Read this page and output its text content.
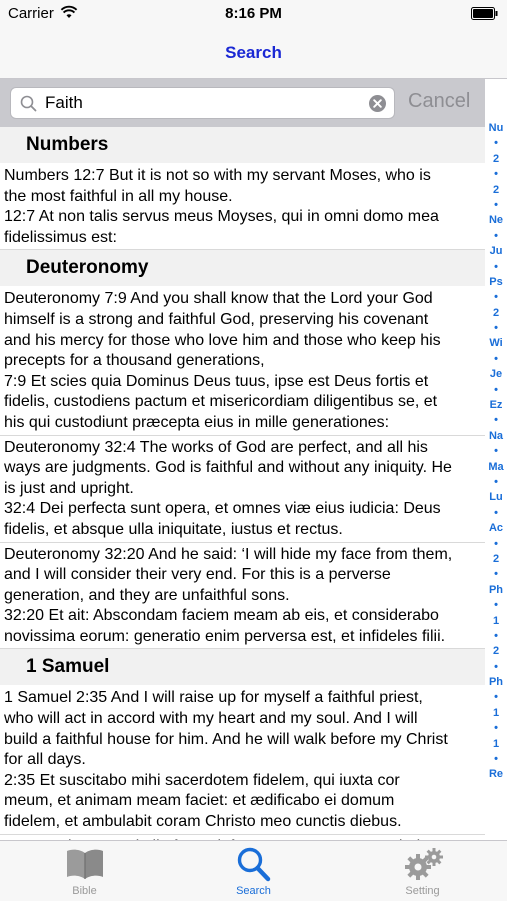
Carrier	8:16 PM
Search
Faith
Cancel
Numbers
Numbers 12:7 But it is not so with my servant Moses, who is
the most faithful in all my house.
12:7 At non talis servus meus Moyses, qui in omni domo mea
fidelissimus est:
Deuteronomy
Deuteronomy 7:9 And you shall know that the Lord your God
himself is a strong and faithful God, preserving his covenant
and his mercy for those who love him and those who keep his
precepts for a thousand generations,
7:9 Et scies quia Dominus Deus tuus, ipse est Deus fortis et
fidelis, custodiens pactum et misericordiam diligentibus se, et
his qui custodiunt præcepta eius in mille generationes:
Deuteronomy 32:4 The works of God are perfect, and all his
ways are judgments. God is faithful and without any iniquity. He
is just and upright.
32:4 Dei perfecta sunt opera, et omnes viæ eius iudicia: Deus
fidelis, et absque ulla iniquitate, iustus et rectus.
Deuteronomy 32:20 And he said: ‘I will hide my face from them,
and I will consider their very end. For this is a perverse
generation, and they are unfaithful sons.
32:20 Et ait: Abscondam faciem meam ab eis, et considerabo
novissima eorum: generatio enim perversa est, et infideles filii.
1 Samuel
1 Samuel 2:35 And I will raise up for myself a faithful priest,
who will act in accord with my heart and my soul. And I will
build a faithful house for him. And he will walk before my Christ
for all days.
2:35 Et suscitabo mihi sacerdotem fidelem, qui iuxta cor
meum, et animam meam faciet: et ædificabo ei domum
fidelem, et ambulabit coram Christo meo cunctis diebus.
Nu
•
2
•
2
•
Ne
•
Ju
•
Ps
•
2
•
Wi
•
Je
•
Ez
•
Na
•
Ma
•
Lu
•
Ac
•
2
•
Ph
•
1
•
2
•
Ph
•
1
•
1
•
Re
Bible	Search	Setting
